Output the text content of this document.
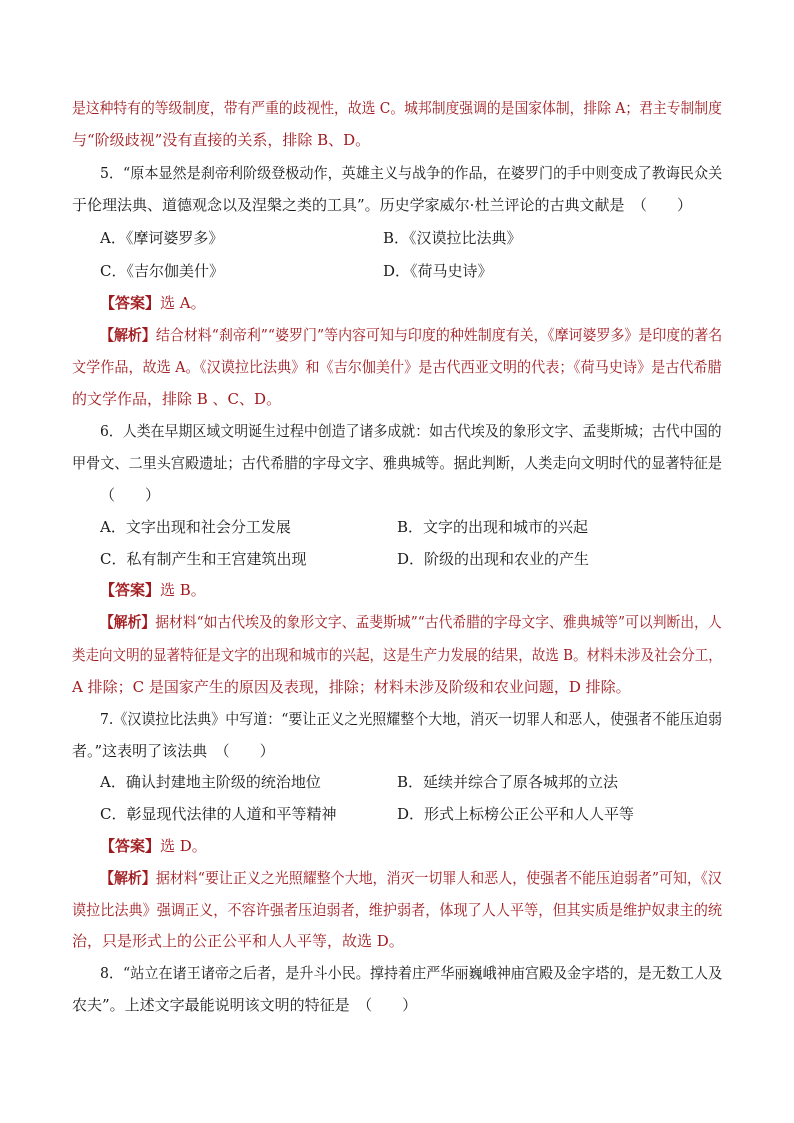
是这种特有的等级制度，带有严重的歧视性，故选 C。城邦制度强调的是国家体制，排除 A；君主专制制度
与“阶级歧视”没有直接的关系，排除 B、D。
5．“原本显然是刹帝利阶级登极动作，英雄主义与战争的作品，在婆罗门的手中则变成了教诲民众关
于伦理法典、道德观念以及涅槃之类的工具”。历史学家威尔·杜兰评论的古典文献是　（　　）
A．《摩诃婆罗多》	B．《汉谟拉比法典》
C．《吉尔伽美什》	D．《荷马史诗》
【答案】选 A。
【解析】结合材料“刹帝利”“婆罗门”等内容可知与印度的种姓制度有关，《摩诃婆罗多》是印度的著名
文学作品，故选 A。《汉谟拉比法典》和《吉尔伽美什》是古代西亚文明的代表；《荷马史诗》是古代希腊
的文学作品，排除 B 、C、D。
6．人类在早期区域文明诞生过程中创造了诸多成就：如古代埃及的象形文字、孟斐斯城；古代中国的
甲骨文、二里头宫殿遗址；古代希腊的字母文字、雅典城等。据此判断，人类走向文明时代的显著特征是
（　　）
A．文字出现和社会分工发展	B．文字的出现和城市的兴起
C．私有制产生和王宫建筑出现	D．阶级的出现和农业的产生
【答案】选 B。
【解析】据材料“如古代埃及的象形文字、孟斐斯城”“古代希腊的字母文字、雅典城等”可以判断出，人
类走向文明的显著特征是文字的出现和城市的兴起，这是生产力发展的结果，故选 B。材料未涉及社会分工，
A 排除；C 是国家产生的原因及表现，排除；材料未涉及阶级和农业问题，D 排除。
7.《汉谟拉比法典》中写道：“要让正义之光照耀整个大地，消灭一切罪人和恶人，使强者不能压迫弱
者。”这表明了该法典　（　　）
A．确认封建地主阶级的统治地位	B．延续并综合了原各城邦的立法
C．彰显现代法律的人道和平等精神	D．形式上标榜公正公平和人人平等
【答案】选 D。
【解析】据材料“要让正义之光照耀整个大地，消灭一切罪人和恶人，使强者不能压迫弱者”可知，《汉
谟拉比法典》强调正义，不容许强者压迫弱者，维护弱者，体现了人人平等，但其实质是维护奴隶主的统
治，只是形式上的公正公平和人人平等，故选 D。
8．“站立在诸王诸帝之后者，是升斗小民。撑持着庄严华丽巍峨神庙宫殿及金字塔的，是无数工人及
农夫”。上述文字最能说明该文明的特征是　（　　）
